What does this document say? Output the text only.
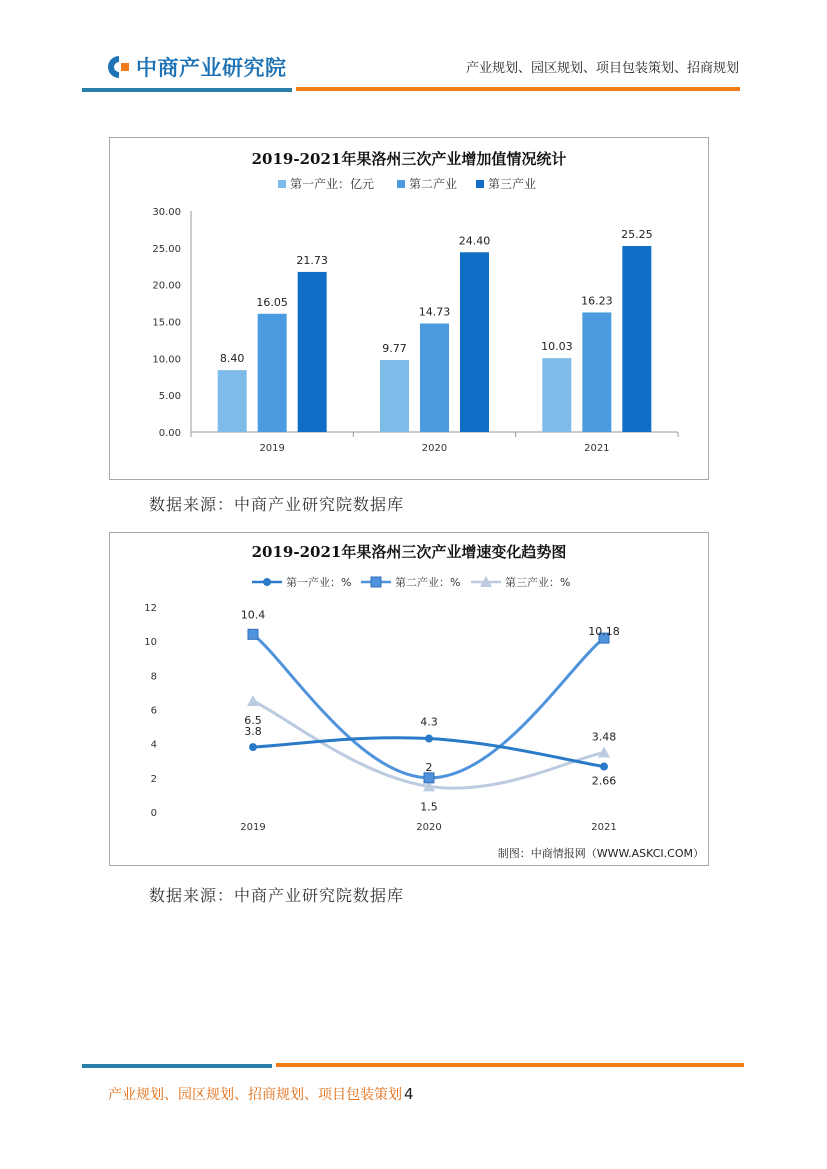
中商产业研究院	产业规划、园区规划、项目包装策划、招商规划
2019-2021年果洛州三次产业增加值情况统计
第一产业：亿元	第二产业	第三产业
0.00
5.00
10.00
15.00
20.00
25.00
30.00
2019
8.40
16.05
21.73
2020
9.77
14.73
24.40
2021
10.03
16.23
25.25
数据来源：中商产业研究院数据库
2019-2021年果洛州三次产业增速变化趋势图
第一产业：%	第二产业：%	第三产业：%
0
2
4
6
8
10
12
2019	2020	2021
3.8
4.3
2.66
10.4
2
10.18
6.5
1.5
3.48
制图：中商情报网（WWW.ASKCI.COM）
数据来源：中商产业研究院数据库
产业规划、园区规划、招商规划、项目包装策划 4
